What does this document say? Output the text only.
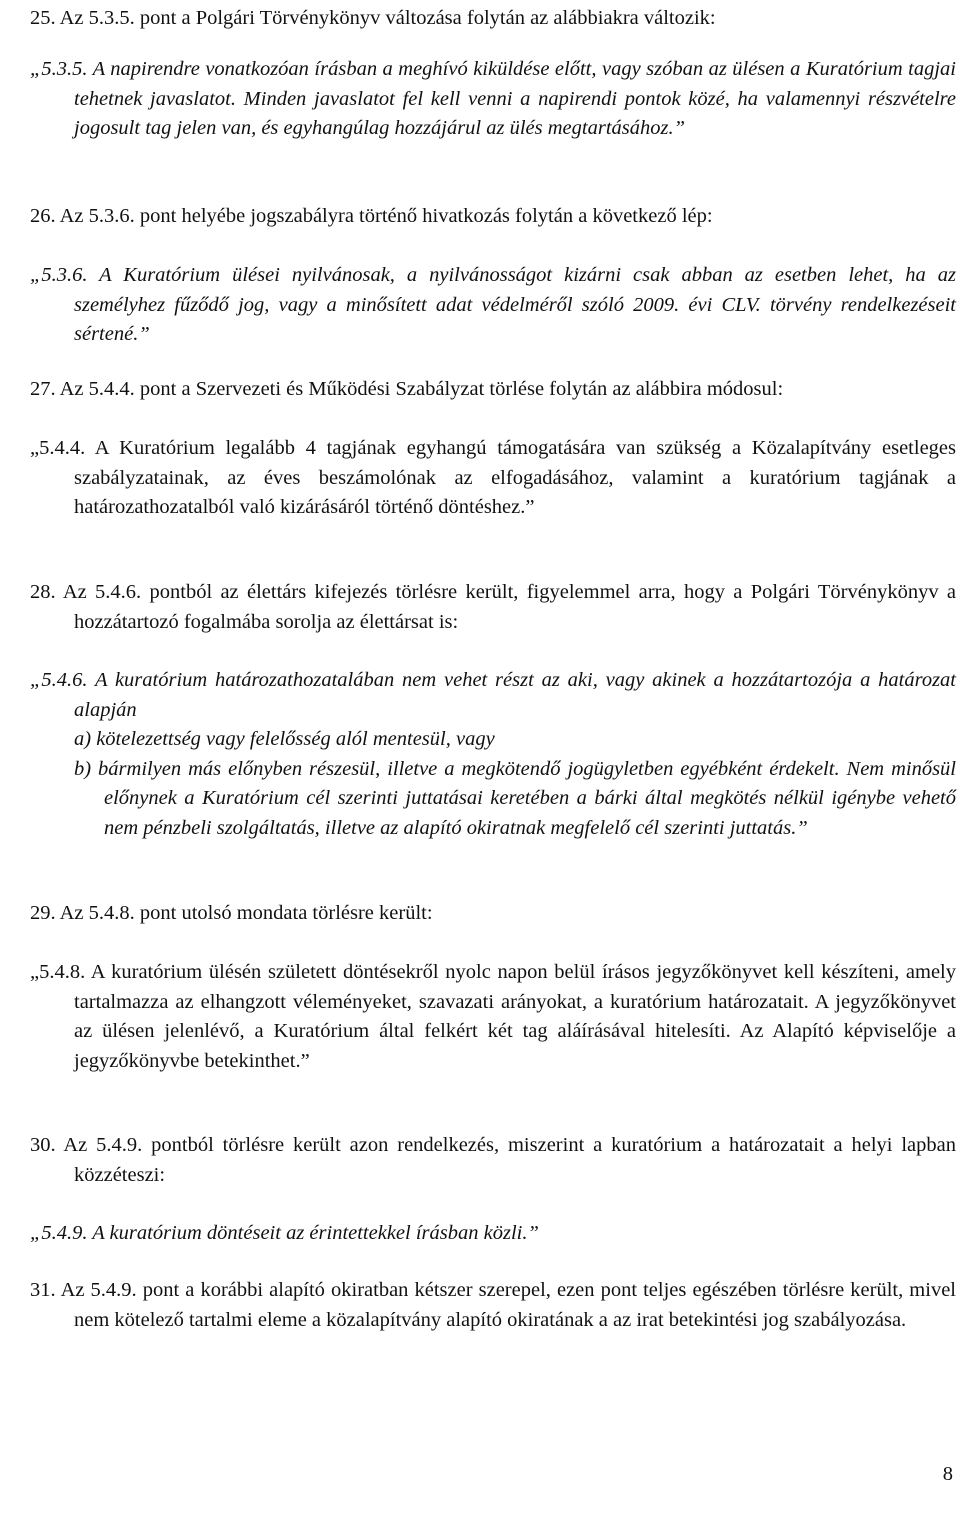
25. Az 5.3.5. pont a Polgári Törvénykönyv változása folytán az alábbiakra változik:
„5.3.5. A napirendre vonatkozóan írásban a meghívó kiküldése előtt, vagy szóban az ülésen a Kuratórium tagjai tehetnek javaslatot. Minden javaslatot fel kell venni a napirendi pontok közé, ha valamennyi részvételre jogosult tag jelen van, és egyhangúlag hozzájárul az ülés megtartásához.”
26. Az 5.3.6. pont helyébe jogszabályra történő hivatkozás folytán a következő lép:
„5.3.6. A Kuratórium ülései nyilvánosak, a nyilvánosságot kizárni csak abban az esetben lehet, ha az személyhez fűződő jog, vagy a minősített adat védelméről szóló 2009. évi CLV. törvény rendelkezéseit sértené.”
27. Az 5.4.4. pont a Szervezeti és Működési Szabályzat törlése folytán az alábbira módosul:
„5.4.4. A Kuratórium legalább 4 tagjának egyhangú támogatására van szükség a Közalapítvány esetleges szabályzatainak, az éves beszámolónak az elfogadásához, valamint a kuratórium tagjának a határozathozatalból való kizárásáról történő döntéshez.”
28. Az 5.4.6. pontból az élettárs kifejezés törlésre került, figyelemmel arra, hogy a Polgári Törvénykönyv a hozzátartozó fogalmába sorolja az élettársat is:
„5.4.6. A kuratórium határozathozatalában nem vehet részt az aki, vagy akinek a hozzátartozója a határozat alapján
a) kötelezettség vagy felelősség alól mentesül, vagy
b) bármilyen más előnyben részesül, illetve a megkötendő jogügyletben egyébként érdekelt. Nem minősül előnynek a Kuratórium cél szerinti juttatásai keretében a bárki által megkötés nélkül igénybe vehető nem pénzbeli szolgáltatás, illetve az alapító okiratnak megfelelő cél szerinti juttatás.”
29. Az 5.4.8. pont utolsó mondata törlésre került:
„5.4.8. A kuratórium ülésén született döntésekről nyolc napon belül írásos jegyzőkönyvet kell készíteni, amely tartalmazza az elhangzott véleményeket, szavazati arányokat, a kuratórium határozatait. A jegyzőkönyvet az ülésen jelenlévő, a Kuratórium által felkért két tag aláírásával hitelesíti. Az Alapító képviselője a jegyzőkönyvbe betekinthet.”
30. Az 5.4.9. pontból törlésre került azon rendelkezés, miszerint a kuratórium a határozatait a helyi lapban közzéteszi:
„5.4.9. A kuratórium döntéseit az érintettekkel írásban közli.”
31. Az 5.4.9. pont a korábbi alapító okiratban kétszer szerepel, ezen pont teljes egészében törlésre került, mivel nem kötelező tartalmi eleme a közalapítvány alapító okiratának a az irat betekintési jog szabályozása.
8
